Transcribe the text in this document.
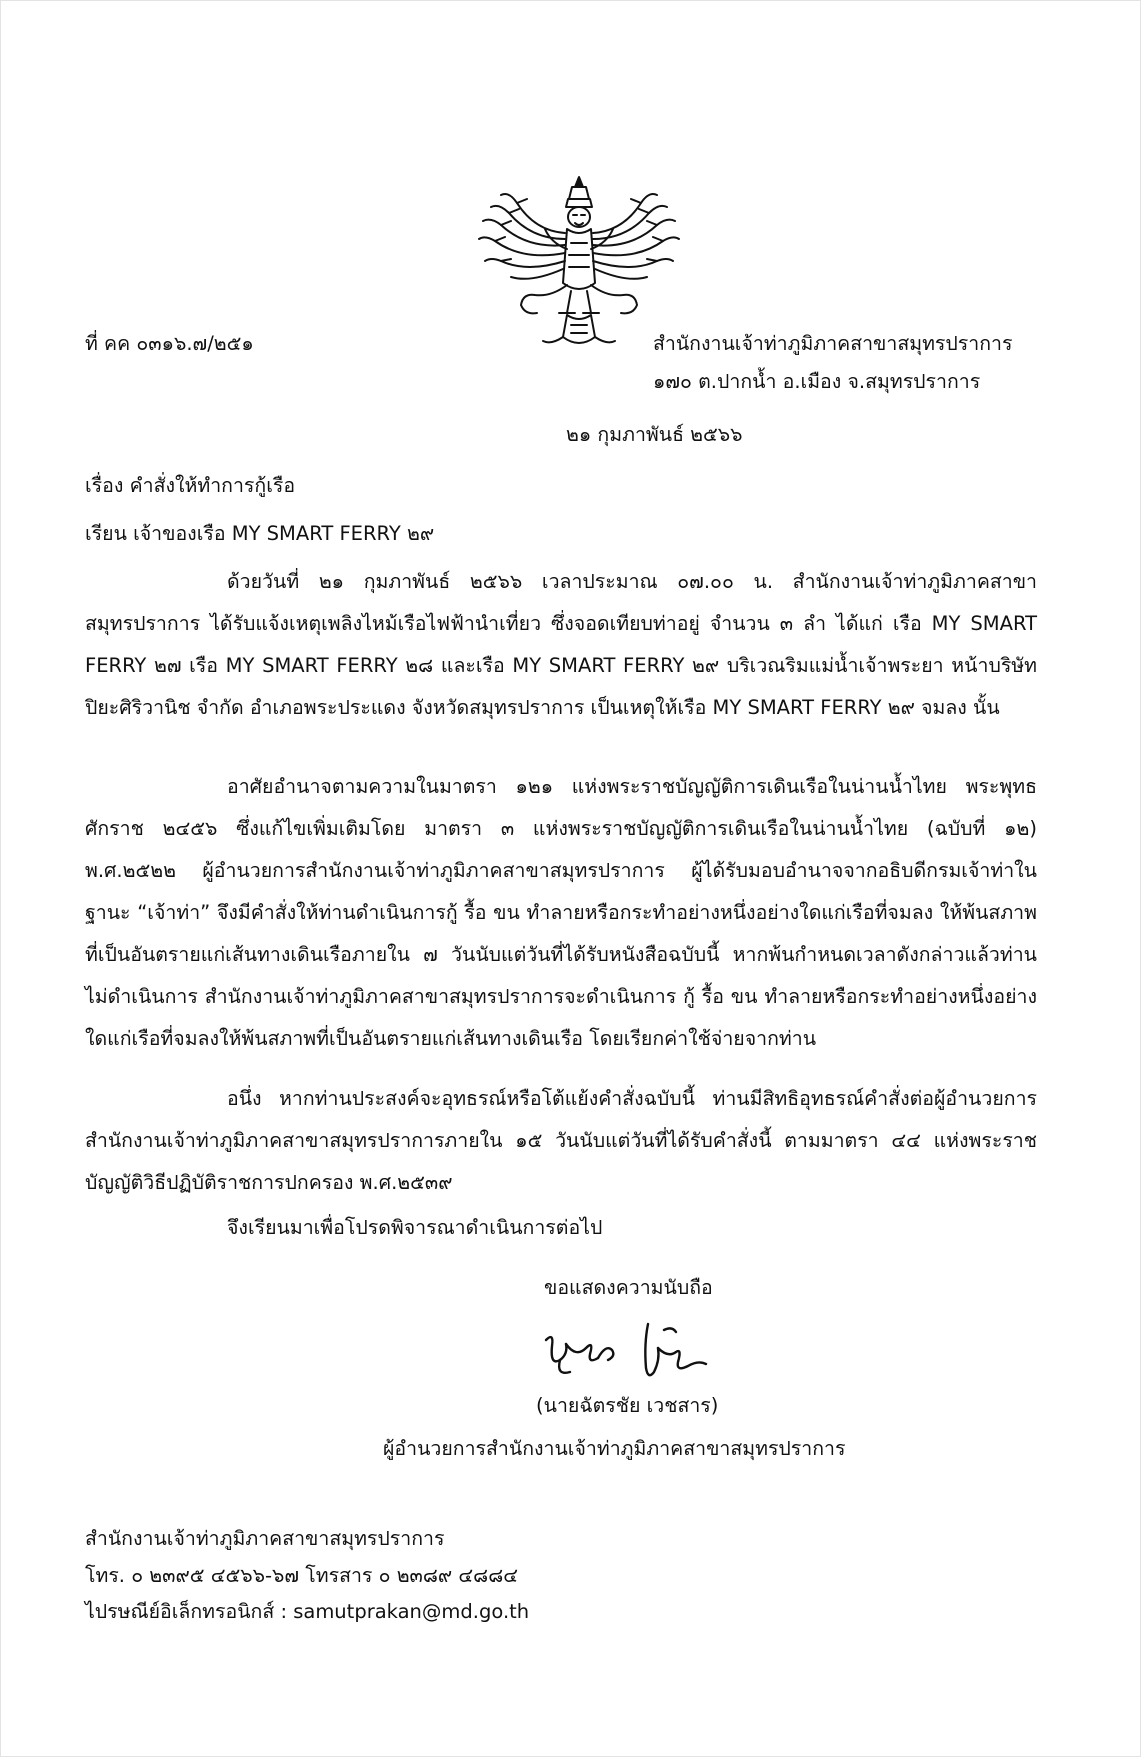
ที่ คค ๐๓๑๖.๗/๒๕๑	สำนักงานเจ้าท่าภูมิภาคสาขาสมุทรปราการ
๑๗๐ ต.ปากน้ำ อ.เมือง จ.สมุทรปราการ
๒๑ กุมภาพันธ์ ๒๕๖๖
เรื่อง คำสั่งให้ทำการกู้เรือ
เรียน เจ้าของเรือ MY SMART FERRY ๒๙
ด้วยวันที่ ๒๑ กุมภาพันธ์ ๒๕๖๖ เวลาประมาณ ๐๗.๐๐ น. สำนักงานเจ้าท่าภูมิภาคสาขาสมุทรปราการ ได้รับแจ้งเหตุเพลิงไหม้เรือไฟฟ้านำเที่ยว ซึ่งจอดเทียบท่าอยู่ จำนวน ๓ ลำ ได้แก่ เรือ MY SMART FERRY ๒๗ เรือ MY SMART FERRY ๒๘ และเรือ MY SMART FERRY ๒๙ บริเวณริมแม่น้ำเจ้าพระยา หน้าบริษัท ปิยะศิริวานิช จำกัด อำเภอพระประแดง จังหวัดสมุทรปราการ เป็นเหตุให้เรือ MY SMART FERRY ๒๙ จมลง นั้น
อาศัยอำนาจตามความในมาตรา ๑๒๑ แห่งพระราชบัญญัติการเดินเรือในน่านน้ำไทย พระพุทธศักราช ๒๔๕๖ ซึ่งแก้ไขเพิ่มเติมโดย มาตรา ๓ แห่งพระราชบัญญัติการเดินเรือในน่านน้ำไทย (ฉบับที่ ๑๒) พ.ศ.๒๕๒๒ ผู้อำนวยการสำนักงานเจ้าท่าภูมิภาคสาขาสมุทรปราการ ผู้ได้รับมอบอำนาจจากอธิบดีกรมเจ้าท่าในฐานะ “เจ้าท่า” จึงมีคำสั่งให้ท่านดำเนินการกู้ รื้อ ขน ทำลายหรือกระทำอย่างหนึ่งอย่างใดแก่เรือที่จมลง ให้พ้นสภาพที่เป็นอันตรายแก่เส้นทางเดินเรือภายใน ๗ วันนับแต่วันที่ได้รับหนังสือฉบับนี้ หากพ้นกำหนดเวลาดังกล่าวแล้วท่านไม่ดำเนินการ สำนักงานเจ้าท่าภูมิภาคสาขาสมุทรปราการจะดำเนินการ กู้ รื้อ ขน ทำลายหรือกระทำอย่างหนึ่งอย่างใดแก่เรือที่จมลงให้พ้นสภาพที่เป็นอันตรายแก่เส้นทางเดินเรือ โดยเรียกค่าใช้จ่ายจากท่าน
อนึ่ง หากท่านประสงค์จะอุทธรณ์หรือโต้แย้งคำสั่งฉบับนี้ ท่านมีสิทธิอุทธรณ์คำสั่งต่อผู้อำนวยการสำนักงานเจ้าท่าภูมิภาคสาขาสมุทรปราการภายใน ๑๕ วันนับแต่วันที่ได้รับคำสั่งนี้ ตามมาตรา ๔๔ แห่งพระราชบัญญัติวิธีปฏิบัติราชการปกครอง พ.ศ.๒๕๓๙
จึงเรียนมาเพื่อโปรดพิจารณาดำเนินการต่อไป
ขอแสดงความนับถือ
(นายฉัตรชัย เวชสาร)
ผู้อำนวยการสำนักงานเจ้าท่าภูมิภาคสาขาสมุทรปราการ
สำนักงานเจ้าท่าภูมิภาคสาขาสมุทรปราการ
โทร. ๐ ๒๓๙๕ ๔๕๖๖-๖๗ โทรสาร ๐ ๒๓๘๙ ๔๘๘๔
ไปรษณีย์อิเล็กทรอนิกส์ : samutprakan@md.go.th
